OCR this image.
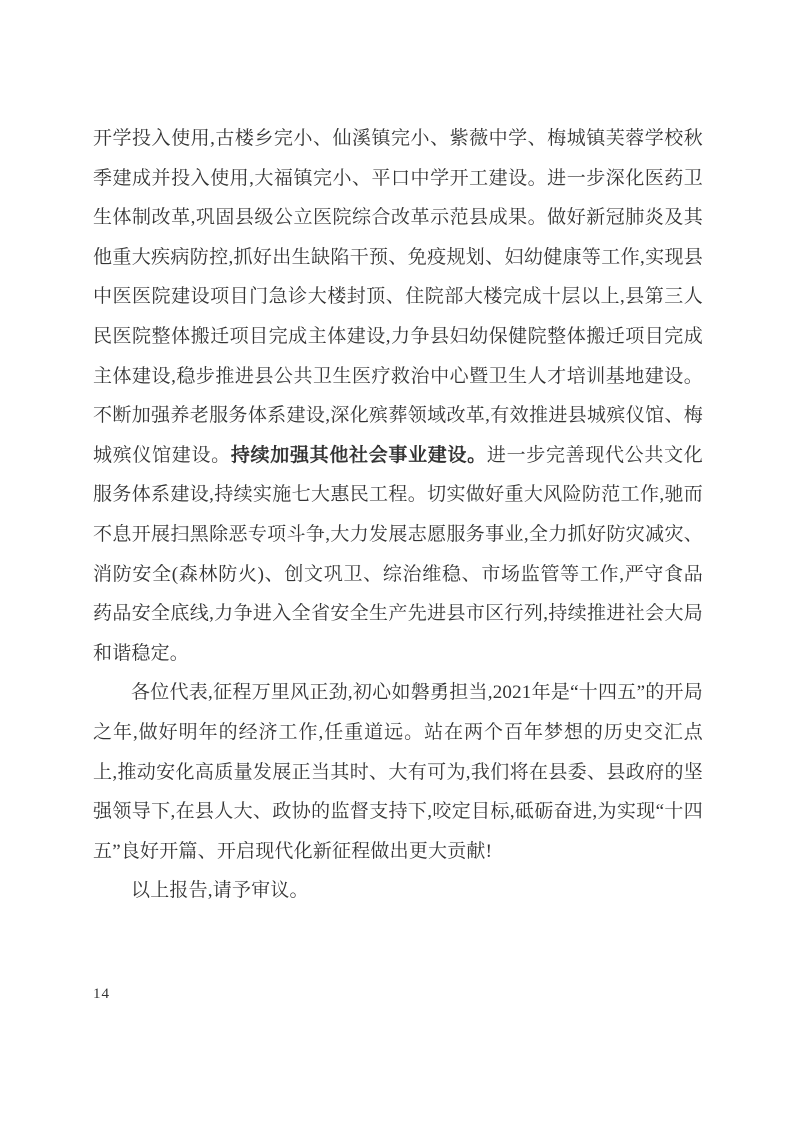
开学投入使用,古楼乡完小、仙溪镇完小、紫薇中学、梅城镇芙蓉学校秋季建成并投入使用,大福镇完小、平口中学开工建设。进一步深化医药卫生体制改革,巩固县级公立医院综合改革示范县成果。做好新冠肺炎及其他重大疾病防控,抓好出生缺陷干预、免疫规划、妇幼健康等工作,实现县中医医院建设项目门急诊大楼封顶、住院部大楼完成十层以上,县第三人民医院整体搬迁项目完成主体建设,力争县妇幼保健院整体搬迁项目完成主体建设,稳步推进县公共卫生医疗救治中心暨卫生人才培训基地建设。不断加强养老服务体系建设,深化殡葬领域改革,有效推进县城殡仪馆、梅城殡仪馆建设。持续加强其他社会事业建设。进一步完善现代公共文化服务体系建设,持续实施七大惠民工程。切实做好重大风险防范工作,驰而不息开展扫黑除恶专项斗争,大力发展志愿服务事业,全力抓好防灾减灾、消防安全(森林防火)、创文巩卫、综治维稳、市场监管等工作,严守食品药品安全底线,力争进入全省安全生产先进县市区行列,持续推进社会大局和谐稳定。

各位代表,征程万里风正劲,初心如磐勇担当,2021年是“十四五”的开局之年,做好明年的经济工作,任重道远。站在两个百年梦想的历史交汇点上,推动安化高质量发展正当其时、大有可为,我们将在县委、县政府的坚强领导下,在县人大、政协的监督支持下,咬定目标,砥砺奋进,为实现“十四五”良好开篇、开启现代化新征程做出更大贡献!

以上报告,请予审议。

14
